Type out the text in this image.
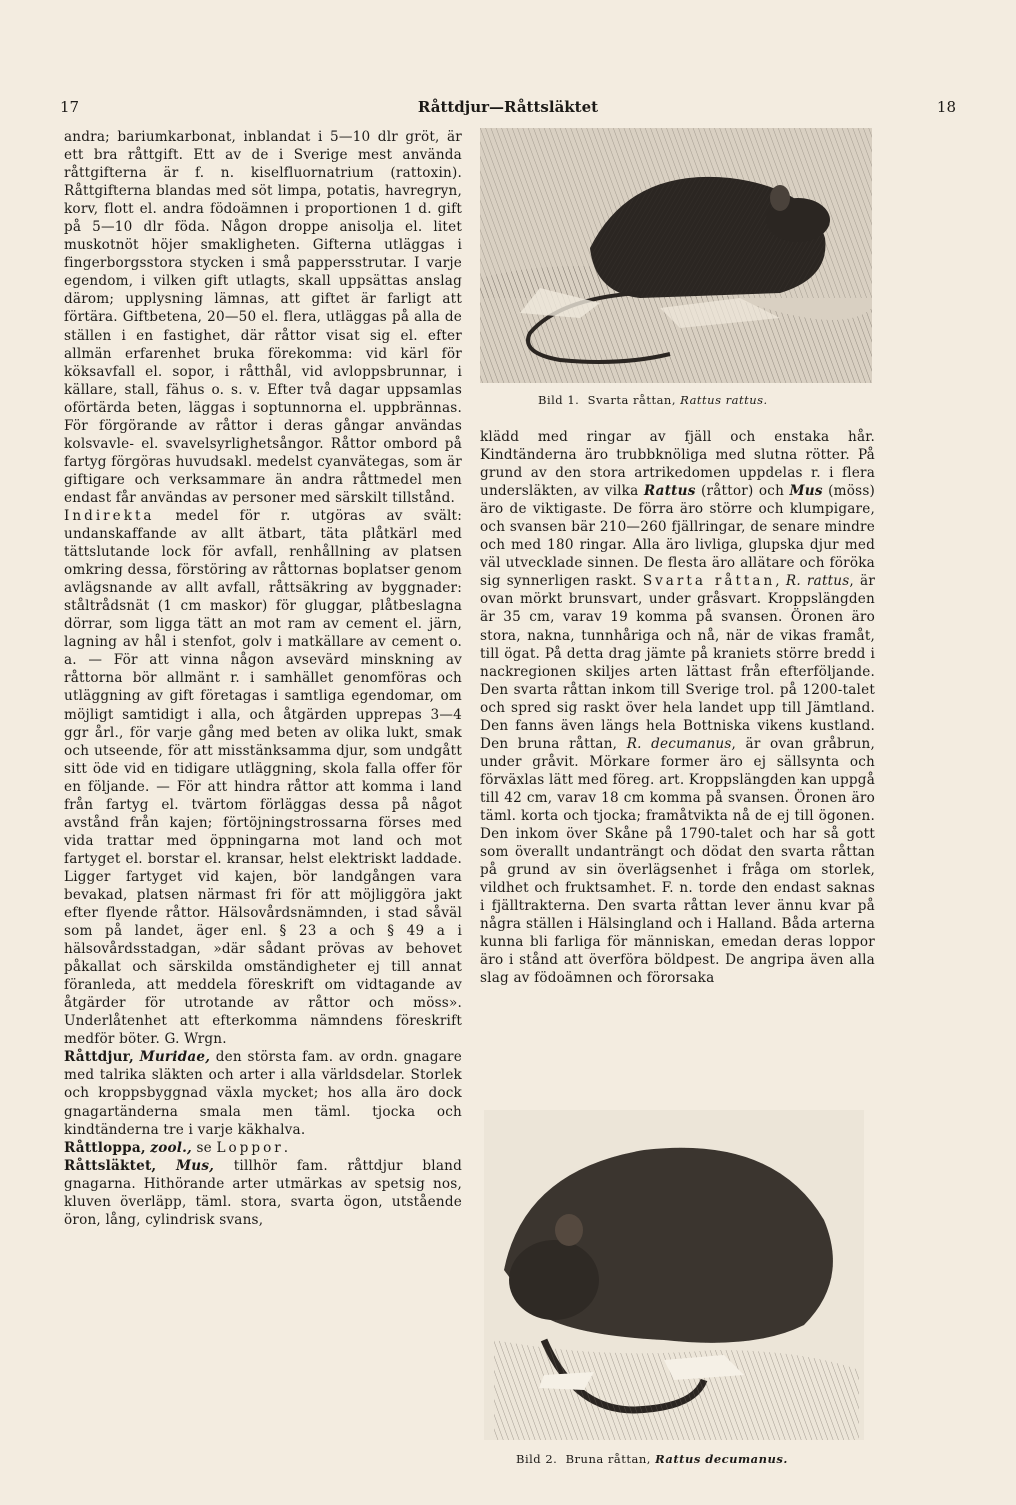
17	Råttdjur—Råttsläktet	18

andra; bariumkarbonat, inblandat i 5—10 dlr gröt, är ett bra råttgift. Ett av de i Sverige mest använda råttgifterna är f. n. kiselfluornatrium (rattoxin). Råttgifterna blandas med söt limpa, potatis, havregryn, korv, flott el. andra födoämnen i proportionen 1 d. gift på 5—10 dlr föda. Någon droppe anisolja el. litet muskotnöt höjer smakligheten. Gifterna utläggas i fingerborgsstora stycken i små pappersstrutar. I varje egendom, i vilken gift utlagts, skall uppsättas anslag därom; upplysning lämnas, att giftet är farligt att förtära. Giftbetena, 20—50 el. flera, utläggas på alla de ställen i en fastighet, där råttor visat sig el. efter allmän erfarenhet bruka förekomma: vid kärl för köksavfall el. sopor, i råtthål, vid avloppsbrunnar, i källare, stall, fähus o. s. v. Efter två dagar uppsamlas oförtärda beten, läggas i soptunnorna el. uppbrännas. För förgörande av råttor i deras gångar användas kolsvavle- el. svavelsyrlighetsångor. Råttor ombord på fartyg förgöras huvudsakl. medelst cyanvätegas, som är giftigare och verksammare än andra råttmedel men endast får användas av personer med särskilt tillstånd.

Indirekta medel för r. utgöras av svält: undanskaffande av allt ätbart, täta plåtkärl med tättslutande lock för avfall, renhållning av platsen omkring dessa, förstöring av råttornas boplatser genom avlägsnande av allt avfall, råttsäkring av byggnader: ståltrådsnät (1 cm maskor) för gluggar, plåtbeslagna dörrar, som ligga tätt an mot ram av cement el. järn, lagning av hål i stenfot, golv i matkällare av cement o. a. — För att vinna någon avsevärd minskning av råttorna bör allmänt r. i samhället genomföras och utläggning av gift företagas i samtliga egendomar, om möjligt samtidigt i alla, och åtgärden upprepas 3—4 ggr årl., för varje gång med beten av olika lukt, smak och utseende, för att misstänksamma djur, som undgått sitt öde vid en tidigare utläggning, skola falla offer för en följande. — För att hindra råttor att komma i land från fartyg el. tvärtom förläggas dessa på något avstånd från kajen; förtöjningstrossarna förses med vida trattar med öppningarna mot land och mot fartyget el. borstar el. kransar, helst elektriskt laddade. Ligger fartyget vid kajen, bör landgången vara bevakad, platsen närmast fri för att möjliggöra jakt efter flyende råttor. Hälsovårdsnämnden, i stad såväl som på landet, äger enl. § 23 a och § 49 a i hälsovårdsstadgan, »där sådant prövas av behovet påkallat och särskilda omständigheter ej till annat föranleda, att meddela föreskrift om vidtagande av åtgärder för utrotande av råttor och möss». Underlåtenhet att efterkomma nämndens föreskrift medför böter. G. Wrgn.

Råttdjur, Muridae, den största fam. av ordn. gnagare med talrika släkten och arter i alla världsdelar. Storlek och kroppsbyggnad växla mycket; hos alla äro dock gnagartänderna smala men täml. tjocka och kindtänderna tre i varje käkhalva.

Råttloppa, zool., se Loppor.

Råttsläktet, Mus, tillhör fam. råttdjur bland gnagarna. Hithörande arter utmärkas av spetsig nos, kluven överläpp, täml. stora, svarta ögon, utstående öron, lång, cylindrisk svans,

Bild 1. Svarta råttan, Rattus rattus.

klädd med ringar av fjäll och enstaka hår. Kindtänderna äro trubbknöliga med slutna rötter. På grund av den stora artrikedomen uppdelas r. i flera undersläkten, av vilka Rattus (råttor) och Mus (möss) äro de viktigaste. De förra äro större och klumpigare, och svansen bär 210—260 fjällringar, de senare mindre och med 180 ringar. Alla äro livliga, glupska djur med väl utvecklade sinnen. De flesta äro allätare och föröka sig synnerligen raskt. Svarta råttan, R. rattus, är ovan mörkt brunsvart, under gråsvart. Kroppslängden är 35 cm, varav 19 komma på svansen. Öronen äro stora, nakna, tunnhåriga och nå, när de vikas framåt, till ögat. På detta drag jämte på kraniets större bredd i nackregionen skiljes arten lättast från efterföljande. Den svarta råttan inkom till Sverige trol. på 1200-talet och spred sig raskt över hela landet upp till Jämtland. Den fanns även längs hela Bottniska vikens kustland. Den bruna råttan, R. decumanus, är ovan gråbrun, under gråvit. Mörkare former äro ej sällsynta och förväxlas lätt med föreg. art. Kroppslängden kan uppgå till 42 cm, varav 18 cm komma på svansen. Öronen äro täml. korta och tjocka; framåtvikta nå de ej till ögonen. Den inkom över Skåne på 1790-talet och har så gott som överallt undanträngt och dödat den svarta råttan på grund av sin överlägsenhet i fråga om storlek, vildhet och fruktsamhet. F. n. torde den endast saknas i fjälltrakterna. Den svarta råttan lever ännu kvar på några ställen i Hälsingland och i Halland. Båda arterna kunna bli farliga för människan, emedan deras loppor äro i stånd att överföra böldpest. De angripa även alla slag av födoämnen och förorsaka

Bild 2. Bruna råttan, Rattus decumanus.
